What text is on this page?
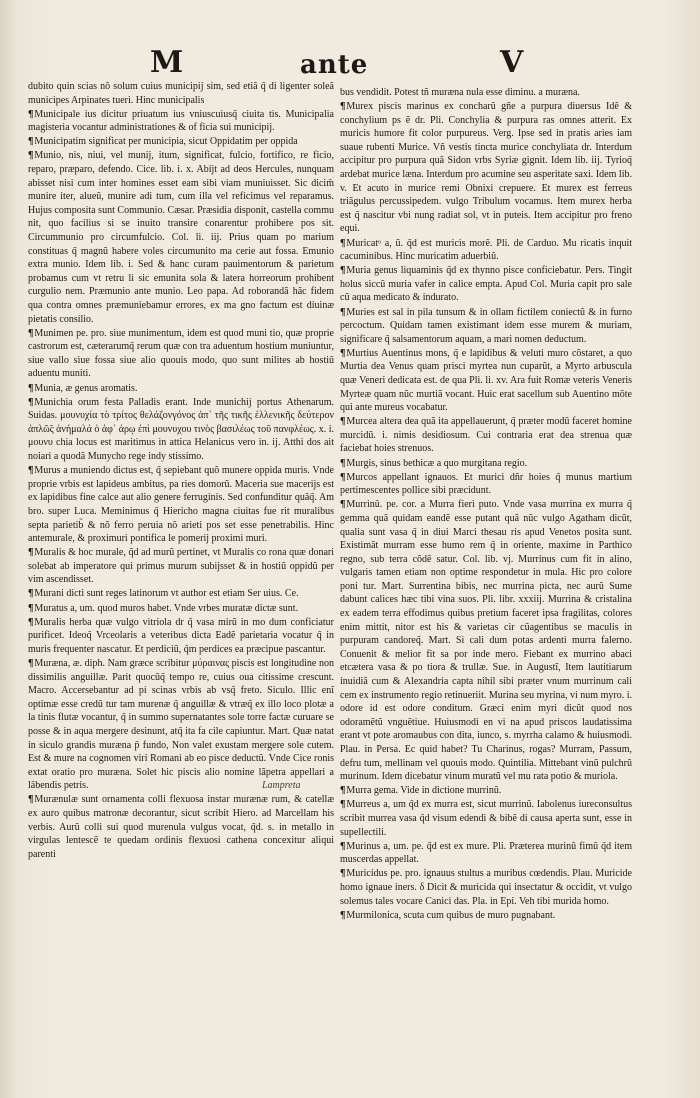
M	ante	V

dubito quin scias nõ solum cuius municipij sim, sed etiã q̃ di ligenter soleã municipes Arpinates tueri. Hinc municipalis

¶Municipale ius dicitur priuatum ius vniuscuiusq̃ ciuita tis. Municipalia magisteria vocantur administrationes & of ficia sui municipij.

¶Municipatim significat per municipia, sicut Oppidatim per oppida

¶Munio, nis, niui, vel munij, itum, significat, fulcio, fortifico, re ficio, reparo, præparo, defendo. Cice. lib. i. x. Abijt ad deos Hercules, nunquam abisset nisi cum inter homines esset eam sibi viam muniuisset. Sic dicim̃ munire iter, alueũ, munire adi tum, cum illa vel reficimus vel reparamus. Hujus composita sunt Communio. Cæsar. Præsidia disponit, castella commu nit, quo facilius si se inuito transire conarentur prohibere pos sit. Circummunio pro circumfulcio. Col. li. iij. Prius quam po marium constituas q̃ magnũ habere voles circumunito ma cerie aut fossa. Emunio extra munio. Idem lib. i. Sed & hanc curam pauimentorum & parietum probamus cum vt retru li sic emunita sola & latera horreorum prohibent curgulio nem. Præmunio ante munio. Leo papa. Ad roborandã hãc fidem qua contra omnes præmuniebamur errores, ex ma gno factum est diuinæ pietatis consilio.

¶Munimen pe. pro. siue munimentum, idem est quod muni tio, quæ proprie castrorum est, cæterarumq̃ rerum quæ con tra aduentum hostium muniuntur, siue vallo siue fossa siue alio quouis modo, quo sunt milites ab hostiũ aduentu muniti.

¶Munia, æ genus aromatis.

¶Munichia orum festa Palladis erant. Inde munichij portus Athenarum. Suidas. μουνυχία τὸ τρίτος θελάζονγόνος ἀπ᾽ τῆς τικῆς ἑλλενικῆς δεύτερον ἁπλῶ̃ς ἀνήμαλά ὁ ἀφ᾽ ἀρῳ ἐπὶ μουνυχου τινὸς βασιλέως τοῦ πανφλέως. x. i. μουνυ chia locus est maritimus in attica Helanicus vero in. ij. Atthi dos ait noiari a quodã Munycho rege indy stissimo.

¶Murus a muniendo dictus est, q̃ sepiebant quõ munere oppida muris. Vnde proprie vrbis est lapideus ambitus, pa ries domorũ. Maceria sue macerijs est ex lapidibus fine calce aut alio genere ferruginis. Sed confunditur quãq̃. Am bro. super Luca. Meminimus q̃ Hiericho magna ciuitas fue rit muralibus septa parietib̃ & nõ ferro peruia nõ arieti pos set esse penetrabilis. Hinc antemurale, & proximuri pontifica le pomerij proximi muri.

¶Muralis & hoc murale, q̃d ad murũ pertinet, vt Muralis co rona quæ donari solebat ab imperatore qui primus murum subijsset & in hostiũ oppidũ per vim ascendisset.

¶Murani dicti sunt reges latinorum vt author est etiam Ser uius. Ce.

¶Muratus a, um. quod muros habet. Vnde vrbes muratæ dictæ sunt.

¶Muralis herba quæ vulgo vitriola dr q̃ vasa mirũ in mo dum conficiatur purificet. Ideoq̃ Vrceolaris a veteribus dicta Eadẽ parietaria vocatur q̃ in muris frequenter nascatur. Et perdiciũ, q̃m perdices ea præcipue pascantur.

¶Muræna, æ. diph. Nam græce scribitur μύραινας piscis est longitudine non dissimilis anguillæ. Parit quocũq̃ tempo re, cuius oua citissime crescunt. Macro. Accersebantur ad pi scinas vrbis ab vsq̃ freto. Siculo. Illic enĩ optimæ esse credũ tur tam murenæ q̃ anguillæ & vtræq̃ ex illo loco plotæ a la tinis flutæ vocantur, q̃ in summo supernatantes sole torre factæ curuare se posse & in aqua mergere desinunt, atq̃ ita fa cile capiuntur. Mart. Quæ natat in siculo grandis muræna p̃ fundo, Non valet exustam mergere sole cutem. Est & mure na cognomen viri Romani ab eo pisce deductũ. Vnde Cice ronis extat oratio pro muræna. Solet hic piscis alio nomine lãpetra appellari a lãbendis petris.

¶Murænulæ sunt ornamenta colli flexuosa instar murænæ rum, & catellæ ex auro quibus matronæ decorantur, sicut scribit Hiero. ad Marcellam his verbis. Aurũ colli sui quod murenula vulgus vocat, q̃d. s. in metallo in virgulas lentescẽ te quedam ordinis flexuosi cathena concexitur aliqui parenti

bus vendidit. Potest tñ muræna nula esse diminu. a muræna.

¶Murex piscis marinus ex concharũ gñe a purpura diuersus Idẽ & conchylium ps ẽ dr. Pli. Conchylia & purpura ras omnes atterit. Ex muricis humore fit color purpureus. Verg. Ipse sed in pratis aries iam suaue rubenti Murice. Vñ vestis tincta murice conchyliata dr. Interdum accipitur pro purpura quã Sidon vrbs Syriæ gignit. Idem lib. iij. Tyrioq̃ ardebat murice læna. Interdum pro acumine seu asperitate saxi. Idem lib. v. Et acuto in murice remi Obnixi crepuere. Et murex est ferreus triãgulus percussipedem. vulgo Tribulum vocamus. Item murex herba est q̃ nascitur vbi nung radiat sol, vt in puteis. Item accipitur pro freno equi.

¶Muricatᵒ a, ũ. q̃d est muricis morẽ. Pli. de Carduo. Mu ricatis inquit cacuminibus. Hinc muricatim aduerbiũ.

¶Muria genus liquaminis q̃d ex thynno pisce conficiebatur. Pers. Tingit holus siccũ muria vafer in calice empta. Apud Col. Muria capit pro sale cũ aqua medicato & indurato.

¶Muries est sal in pila tunsum & in ollam fictilem coniectũ & in furno percoctum. Quidam tamen existimant idem esse murem & muriam, significare q̃ salsamentorum aquam, a mari nomen deductum.

¶Murtius Auentinus mons, q̃ e lapidibus & veluti muro cõstaret, a quo Murtia dea Venus quam prisci myrtea nun cuparũt, a Myrto arbuscula quæ Veneri dedicata est. de qua Pli. li. xv. Ara fuit Romæ veteris Veneris Myrteæ quam nũc murtiã vocant. Huic erat sacellum sub Auentino mõte qui ante mureus vocabatur.

¶Murcea altera dea quã ita appellauerunt, q̃ præter modũ faceret homine murcidũ. i. nimis desidiosum. Cui contraria erat dea strenua quæ faciebat hoies strenuos.

¶Murgis, sinus bethicæ a quo murgitana regio.

¶Murcos appellant ignauos. Et murici dñr hoies q̃ munus martium pertimescentes pollice sibi præcidunt.

¶Murrinũ. pe. cor. a Murra fieri puto. Vnde vasa murrina ex murra q̃ gemma quã quidam eandẽ esse putant quã nũc vulgo Agatham dicũt, qualia sunt vasa q̃ in diui Marci thesau ris apud Venetos posita sunt. Existimãt murram esse humo rem q̃ in oriente, maxime in Parthico regno, sub terra cõdẽ satur. Col. lib. vj. Murrinus cum fit in alino, vulgaris tamen etiam non optime respondetur in mula. Hic pro colore poni tur. Mart. Surrentina bibis, nec murrina picta, nec aurũ Sume dabunt calices hæc tibi vina suos. Pli. libr. xxxiij. Murrina & cristalina ex eadem terra effodimus quibus pretium faceret ipsa fragilitas, colores enim mittit, nitor est his & varietas cir cũagentibus se maculis in purpuram candoreq̃. Mart. Si cali dum potas ardenti murra falerno. Conuenit & melior fit sa por inde mero. Fiebant ex murrino abaci etcætera vasa & po tiora & trullæ. Sue. in Augustĩ, Item lautitiarum inuidiã cum & Alexandria capta nihil sibi præter vnum murrinum cali cem ex instrumento regio retinueriit. Murina seu myrina, vi num myro. i. odore id est odore conditum. Græci enim myri dicũt quod nos odoramẽtũ vnguẽtiue. Huiusmodi en vi na apud priscos laudatissima erant vt pote aromaubus con dita, iunco, s. myrrha calamo & huiusmodi. Plau. in Persa. Ec quid habet? Tu Charinus, rogas? Murram, Passum, defru tum, mellinam vel quouis modo. Quintilia. Mittebant vinũ pulchrũ murinum. Idem dicebatur vinum muratũ vel mu rata potio & muriola.

¶Murra gema. Vide in dictione murrinũ.

¶Murreus a, um q̃d ex murra est, sicut murrinũ. Iabolenus iureconsultus scribit murrea vasa q̃d visum edendi & bibẽ di causa aperta sunt, esse in supellectili.

¶Murinus a, um. pe. q̃d est ex mure. Pli. Præterea murinũ fimũ q̃d item muscerdas appellat.

¶Muricidus pe. pro. ignauus stultus a muribus cœdendis. Plau. Muricide homo ignaue iners. δ Dicit & muricida qui insectatur & occidit, vt vulgo solemus tales vocare Canici das. Pla. in Epi. Veh tibi murida homo.

¶Murmilonica, scuta cum quibus de muro pugnabant.

Lampreta
